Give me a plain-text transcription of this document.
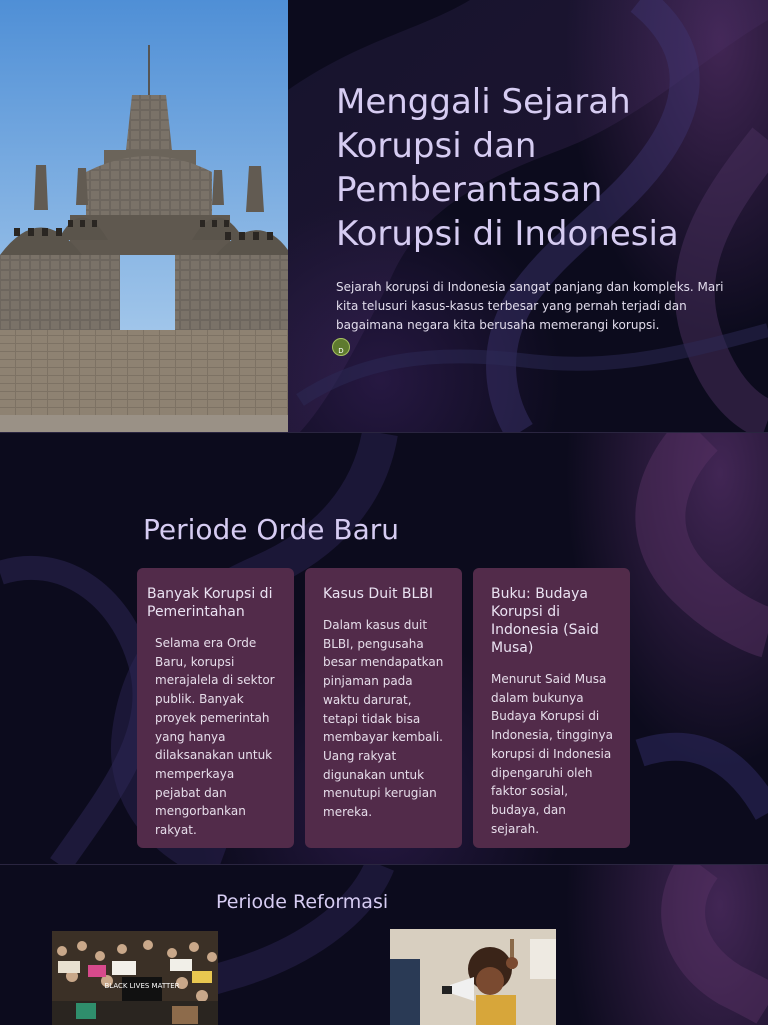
Menggali Sejarah Korupsi dan Pemberantasan Korupsi di Indonesia
Sejarah korupsi di Indonesia sangat panjang dan kompleks. Mari kita telusuri kasus-kasus terbesar yang pernah terjadi dan bagaimana negara kita berusaha memerangi korupsi.
D
Periode Orde Baru
Banyak Korupsi di Pemerintahan

Selama era Orde Baru, korupsi merajalela di sektor publik. Banyak proyek pemerintah yang hanya dilaksanakan untuk memperkaya pejabat dan mengorbankan rakyat.

Kasus Duit BLBI

Dalam kasus duit BLBI, pengusaha besar mendapatkan pinjaman pada waktu darurat, tetapi tidak bisa membayar kembali. Uang rakyat digunakan untuk menutupi kerugian mereka.

Buku: Budaya Korupsi di Indonesia (Said Musa)

Menurut Said Musa dalam bukunya Budaya Korupsi di Indonesia, tingginya korupsi di Indonesia dipengaruhi oleh faktor sosial, budaya, dan sejarah.

Periode Reformasi
BLACK LIVES MATTER
